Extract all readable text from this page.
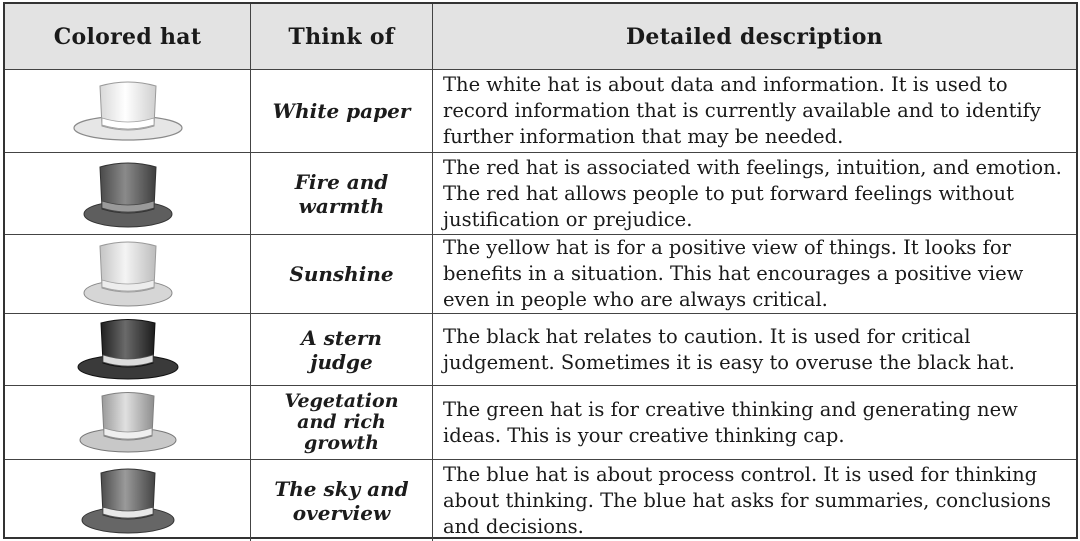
Colored hat	Think of	Detailed description
White paper
The white hat is about data and information. It is used to record information that is currently available and to identify further information that may be needed.
Fire and
warmth
The red hat is associated with feelings, intuition, and emotion. The red hat allows people to put forward feelings without justification or prejudice.
Sunshine
The yellow hat is for a positive view of things. It looks for benefits in a situation. This hat encourages a positive view even in people who are always critical.
A stern
judge
The black hat relates to caution. It is used for critical judgement. Sometimes it is easy to overuse the black hat.
Vegetation
and rich
growth
The green hat is for creative thinking and generating new ideas. This is your creative thinking cap.
The sky and
overview
The blue hat is about process control. It is used for thinking about thinking. The blue hat asks for summaries, conclusions and decisions.
